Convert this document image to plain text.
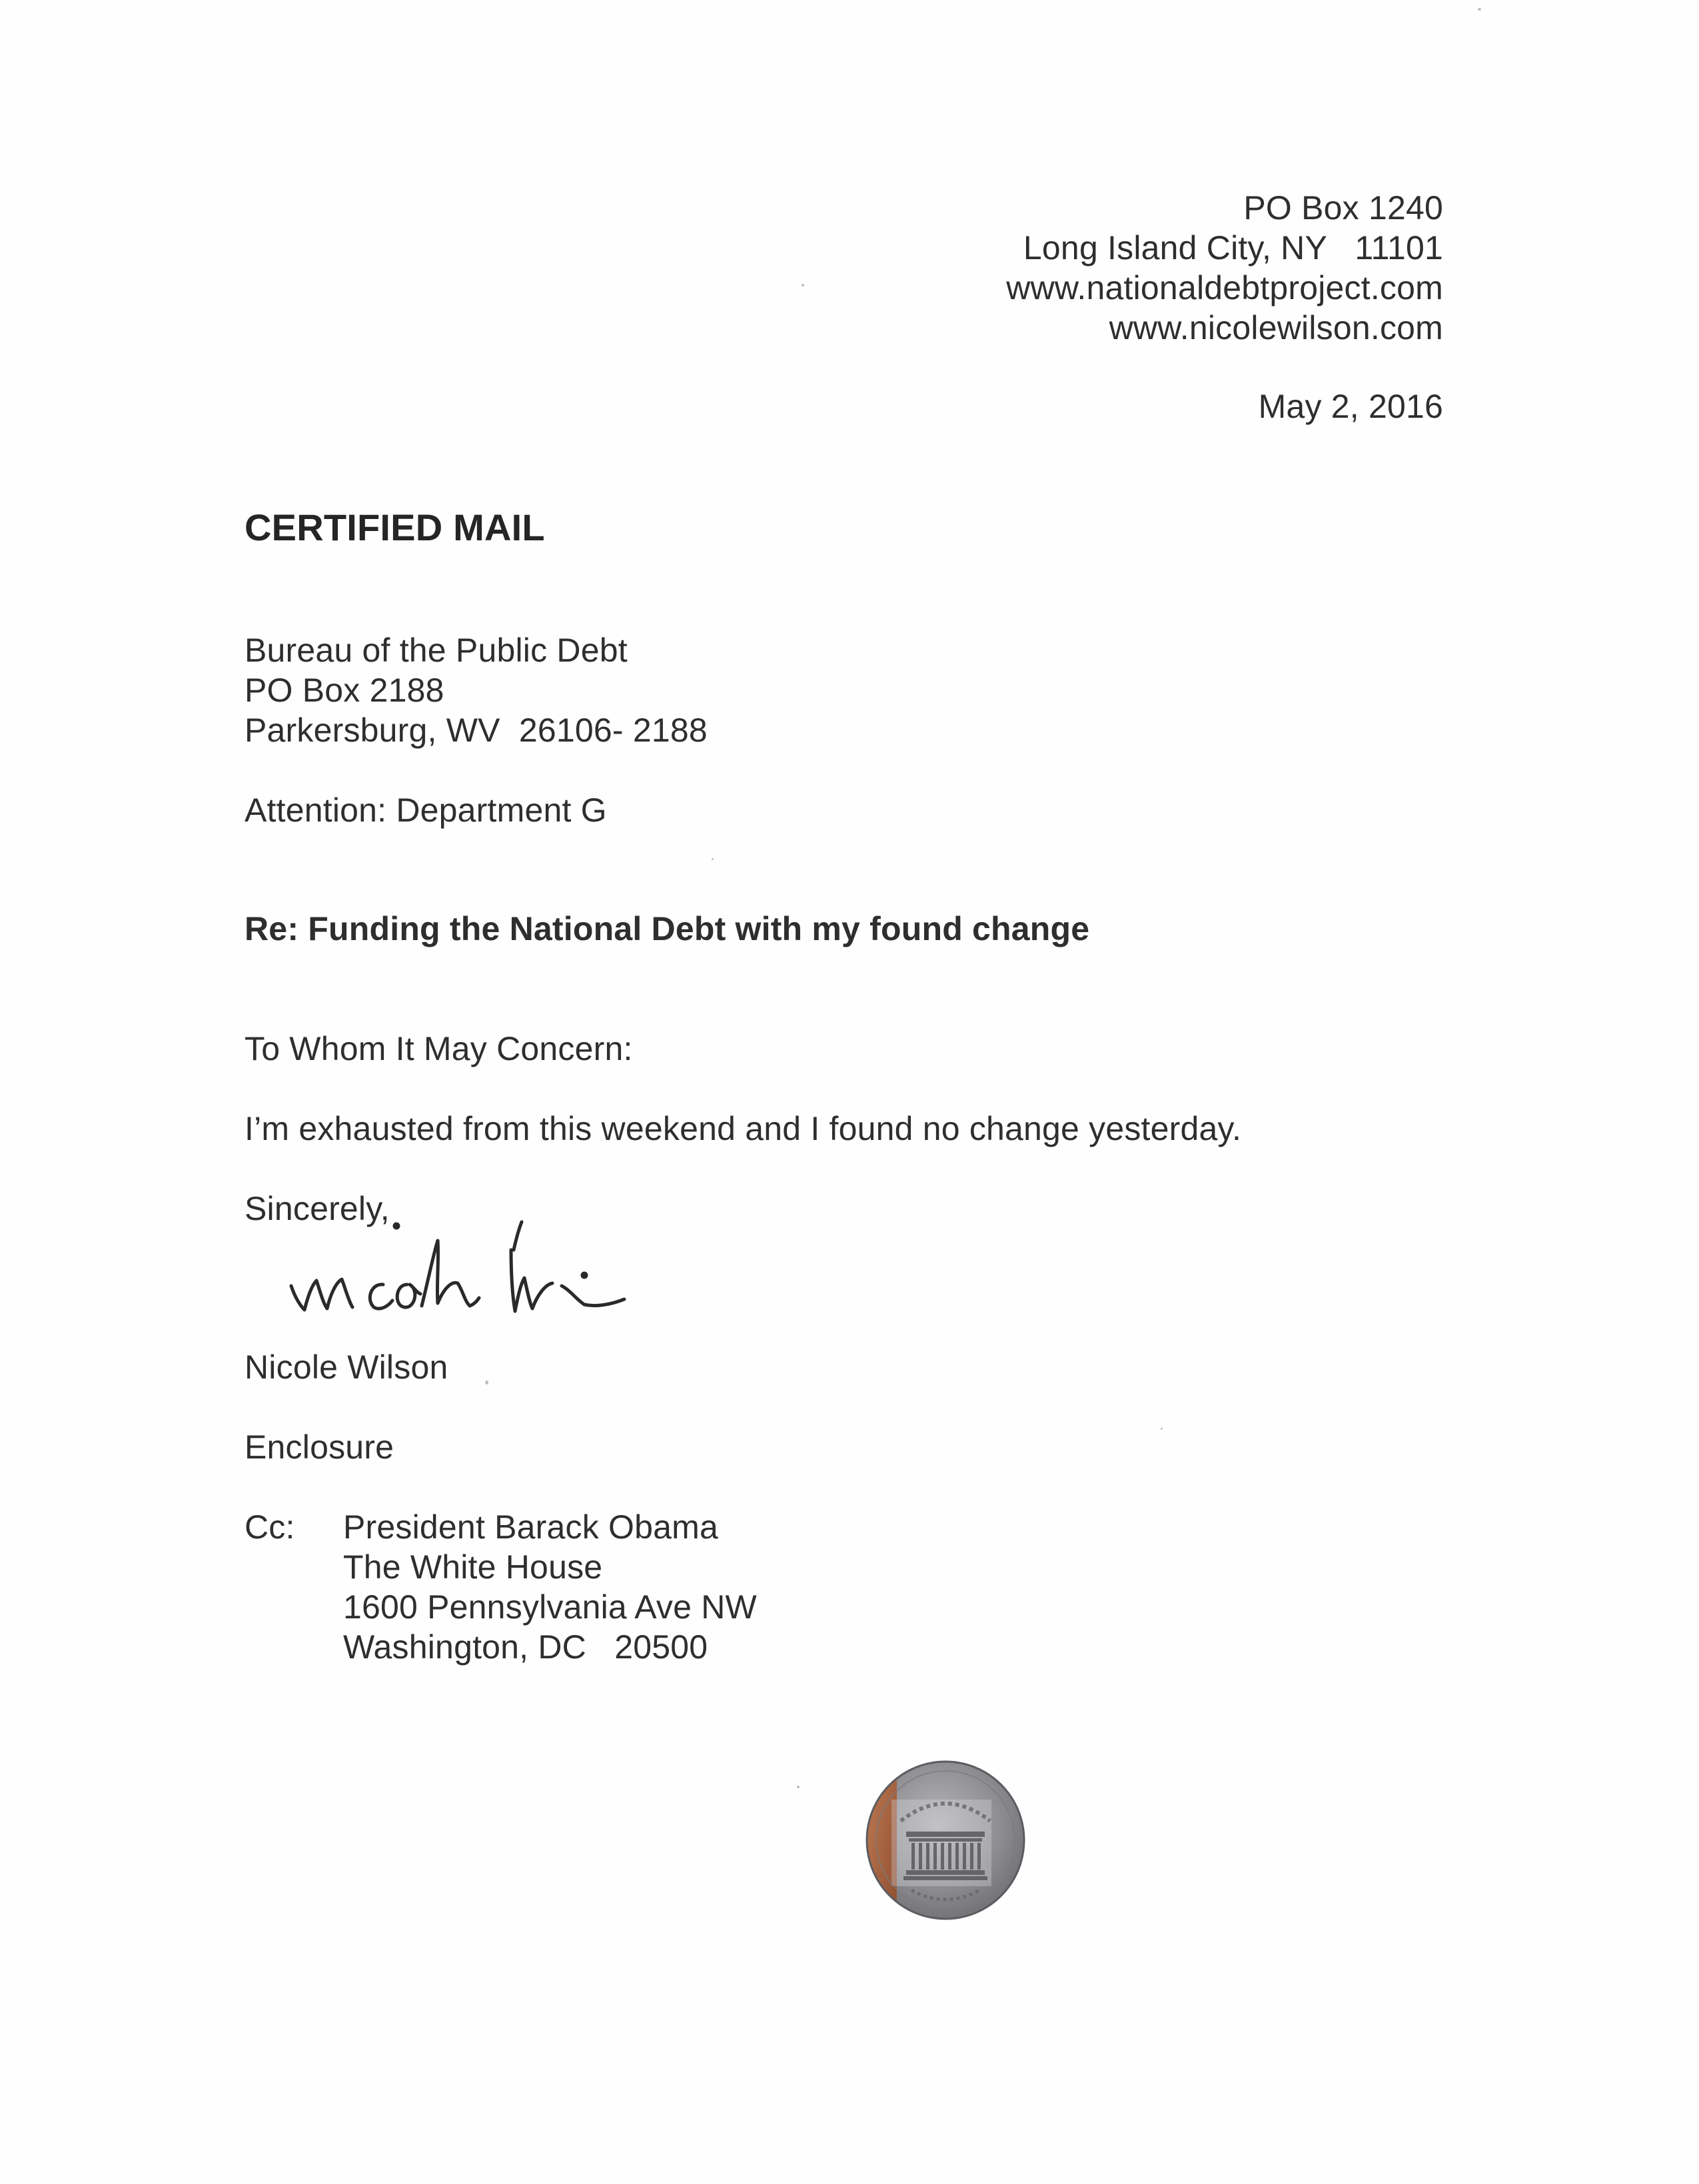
PO Box 1240
Long Island City, NY   11101
www.nationaldebtproject.com
www.nicolewilson.com
May 2, 2016
CERTIFIED MAIL
Bureau of the Public Debt
PO Box 2188
Parkersburg, WV  26106- 2188
Attention: Department G
Re: Funding the National Debt with my found change
To Whom It May Concern:
I’m exhausted from this weekend and I found no change yesterday.
Sincerely,
Nicole Wilson
Enclosure
Cc: President Barack Obama
The White House
1600 Pennsylvania Ave NW
Washington, DC   20500
